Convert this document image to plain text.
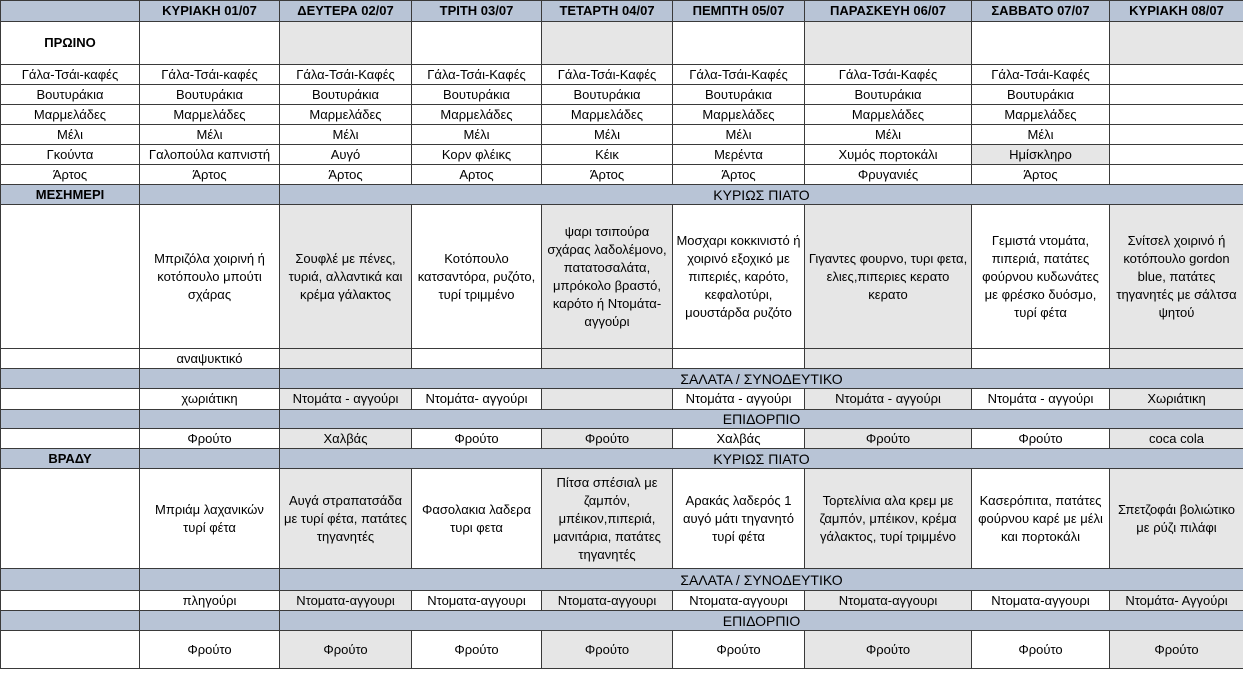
	ΚΥΡΙΑΚΗ 01/07	ΔΕΥΤΕΡΑ 02/07	ΤΡΙΤΗ 03/07	ΤΕΤΑΡΤΗ 04/07	ΠΕΜΠΤΗ 05/07	ΠΑΡΑΣΚΕΥΗ 06/07	ΣΑΒΒΑΤΟ 07/07	ΚΥΡΙΑΚΗ 08/07
ΠΡΩΙΝΟ								
Γάλα-Τσάι-καφές	Γάλα-Τσάι-καφές	Γάλα-Τσάι-Καφές	Γάλα-Τσάι-Καφές	Γάλα-Τσάι-Καφές	Γάλα-Τσάι-Καφές	Γάλα-Τσάι-Καφές	Γάλα-Τσάι-Καφές	
Βουτυράκια	Βουτυράκια	Βουτυράκια	Βουτυράκια	Βουτυράκια	Βουτυράκια	Βουτυράκια	Βουτυράκια	
Μαρμελάδες	Μαρμελάδες	Μαρμελάδες	Μαρμελάδες	Μαρμελάδες	Μαρμελάδες	Μαρμελάδες	Μαρμελάδες	
Μέλι	Μέλι	Μέλι	Μέλι	Μέλι	Μέλι	Μέλι	Μέλι	
Γκούντα	Γαλοπούλα καπνιστή	Αυγό	Κορν φλέικς	Κέικ	Μερέντα	Χυμός πορτοκάλι	Ημίσκληρο	
Άρτος	Άρτος	Άρτος	Αρτος	Άρτος	Άρτος	Φρυγανιές	Άρτος	
ΜΕΣΗΜΕΡΙ		ΚΥΡΙΩΣ ΠΙΑΤΟ						
	Μπριζόλα χοιρινή ή κοτόπουλο μπούτι σχάρας	Σουφλέ με πένες, τυριά, αλλαντικά και κρέμα γάλακτος	Κοτόπουλο κατσαντόρα, ρυζότο, τυρί τριμμένο	ψαρι τσιπούρα σχάρας λαδολέμονο, πατατοσαλάτα, μπρόκολο βραστό, καρότο ή Ντομάτα-αγγούρι	Μοσχαρι κοκκινιστό ή χοιρινό εξοχικό με πιπεριές, καρότο, κεφαλοτύρι, μουστάρδα ρυζότο	Γιγαντες φουρνο, τυρι φετα, ελιες,πιπεριες κερατο κερατο	Γεμιστά ντομάτα, πιπεριά, πατάτες φούρνου κυδωνάτες με φρέσκο δυόσμο, τυρί φέτα	Σνίτσελ χοιρινό ή κοτόπουλο gordon blue, πατάτες τηγανητές με σάλτσα ψητού
	αναψυκτικό							
		ΣΑΛΑΤΑ / ΣΥΝΟΔΕΥΤΙΚΟ						
	χωριάτικη	Ντομάτα - αγγούρι	Ντομάτα- αγγούρι		Ντομάτα - αγγούρι	Ντομάτα - αγγούρι	Ντομάτα - αγγούρι	Χωριάτικη
		ΕΠΙΔΟΡΠΙΟ						
	Φρούτο	Χαλβάς	Φρούτο	Φρούτο	Χαλβάς	Φρούτο	Φρούτο	coca cola
ΒΡΑΔΥ		ΚΥΡΙΩΣ ΠΙΑΤΟ						
	Μπριάμ λαχανικών τυρί φέτα	Αυγά στραπατσάδα με τυρί φέτα, πατάτες τηγανητές	Φασολακια λαδερα τυρι φετα	Πίτσα σπέσιαλ με ζαμπόν, μπέικον,πιπεριά, μανιτάρια, πατάτες τηγανητές	Αρακάς λαδερός 1 αυγό μάτι τηγανητό τυρί φέτα	Τορτελίνια αλα κρεμ με ζαμπόν, μπέικον, κρέμα γάλακτος, τυρί τριμμένο	Κασερόπιτα, πατάτες φούρνου καρέ με μέλι και πορτοκάλι	Σπετζοφάι βολιώτικο με ρύζι πιλάφι
		ΣΑΛΑΤΑ / ΣΥΝΟΔΕΥΤΙΚΟ						
	πληγούρι	Ντοματα-αγγουρι	Ντοματα-αγγουρι	Ντοματα-αγγουρι	Ντοματα-αγγουρι	Ντοματα-αγγουρι	Ντοματα-αγγουρι	Ντομάτα- Αγγούρι
		ΕΠΙΔΟΡΠΙΟ						
	Φρούτο	Φρούτο	Φρούτο	Φρούτο	Φρούτο	Φρούτο	Φρούτο	Φρούτο
